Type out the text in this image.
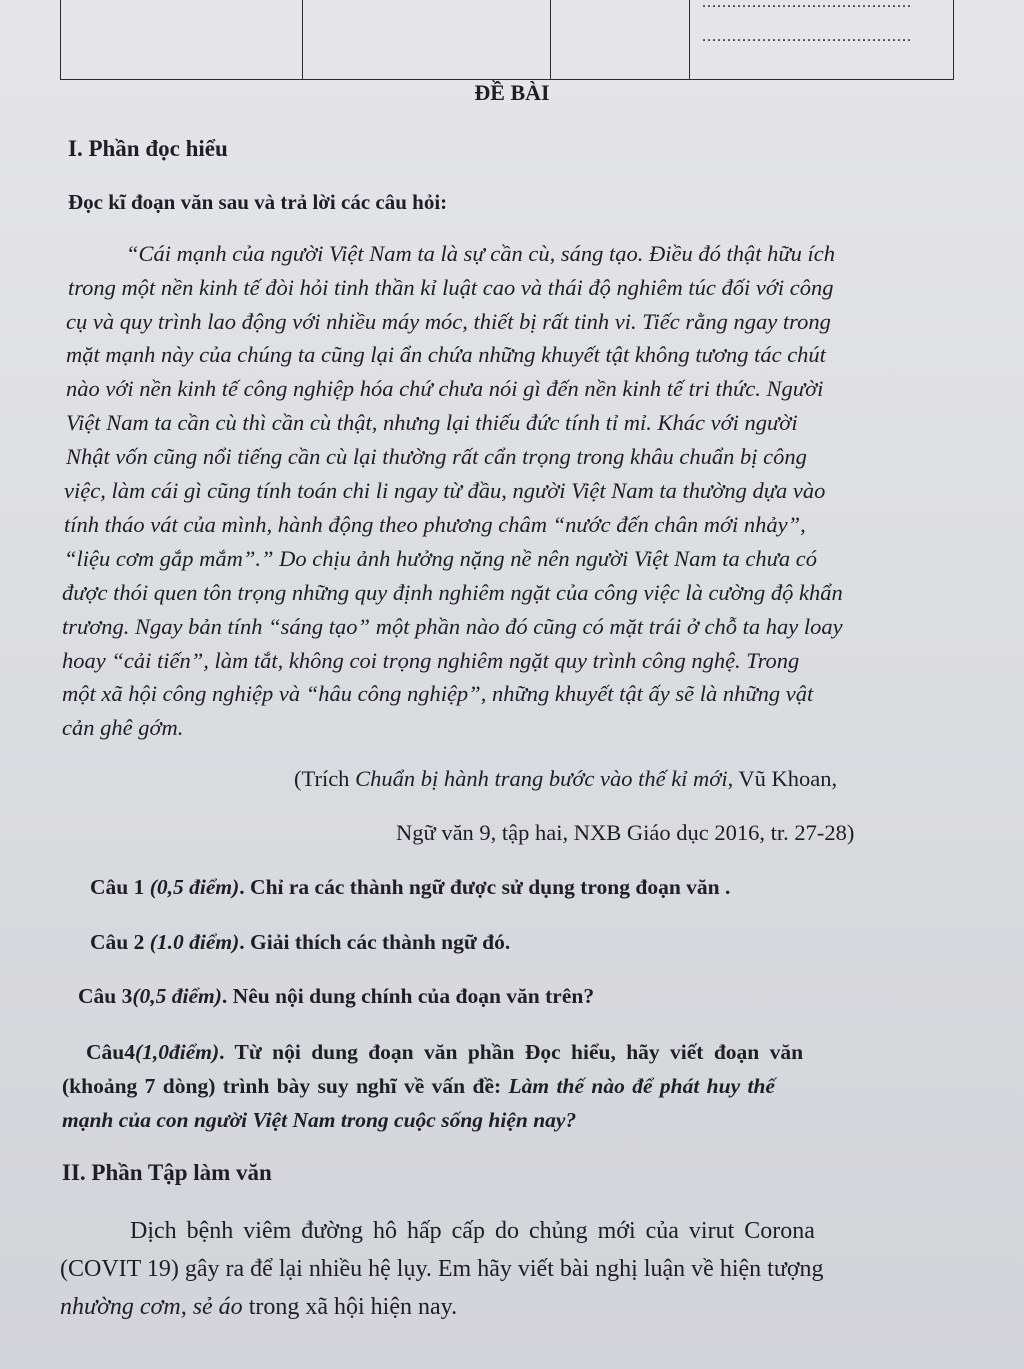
..........................................
..........................................
ĐỀ BÀI
I. Phần đọc hiểu
Đọc kĩ đoạn văn sau và trả lời các câu hỏi:
“Cái mạnh của người Việt Nam ta là sự cần cù, sáng tạo. Điều đó thật hữu ích
trong một nền kinh tế đòi hỏi tinh thần kỉ luật cao và thái độ nghiêm túc đối với công
cụ và quy trình lao động với nhiều máy móc, thiết bị rất tinh vi. Tiếc rằng ngay trong
mặt mạnh này của chúng ta cũng lại ẩn chứa những khuyết tật không tương tác chút
nào với nền kinh tế công nghiệp hóa chứ chưa nói gì đến nền kinh tế tri thức. Người
Việt Nam ta cần cù thì cần cù thật, nhưng lại thiếu đức tính tỉ mỉ. Khác với người
Nhật vốn cũng nổi tiếng cần cù lại thường rất cẩn trọng trong khâu chuẩn bị công
việc, làm cái gì cũng tính toán chi li ngay từ đầu, người Việt Nam ta thường dựa vào
tính tháo vát của mình, hành động theo phương châm “nước đến chân mới nhảy”,
“liệu cơm gắp mắm”.” Do chịu ảnh hưởng nặng nề nên người Việt Nam ta chưa có
được thói quen tôn trọng những quy định nghiêm ngặt của công việc là cường độ khẩn
trương. Ngay bản tính “sáng tạo” một phần nào đó cũng có mặt trái ở chỗ ta hay loay
hoay “cải tiến”, làm tắt, không coi trọng nghiêm ngặt quy trình công nghệ. Trong
một xã hội công nghiệp và “hâu công nghiệp”, những khuyết tật ấy sẽ là những vật
cản ghê gớm.
(Trích Chuẩn bị hành trang bước vào thế kỉ mới, Vũ Khoan,
Ngữ văn 9, tập hai, NXB Giáo dục 2016, tr. 27-28)
Câu 1 (0,5 điểm). Chỉ ra các thành ngữ được sử dụng trong đoạn văn .
Câu 2 (1.0 điểm). Giải thích các thành ngữ đó.
Câu 3(0,5 điểm). Nêu nội dung chính của đoạn văn trên?
Câu4(1,0điểm). Từ nội dung đoạn văn phần Đọc hiểu, hãy viết đoạn văn
(khoảng 7 dòng) trình bày suy nghĩ về vấn đề: Làm thế nào để phát huy thế
mạnh của con người Việt Nam trong cuộc sống hiện nay?
II. Phần Tập làm văn
Dịch bệnh viêm đường hô hấp cấp do chủng mới của virut Corona
(COVIT 19) gây ra để lại nhiều hệ lụy. Em hãy viết bài nghị luận về hiện tượng
nhường cơm, sẻ áo trong xã hội hiện nay.
